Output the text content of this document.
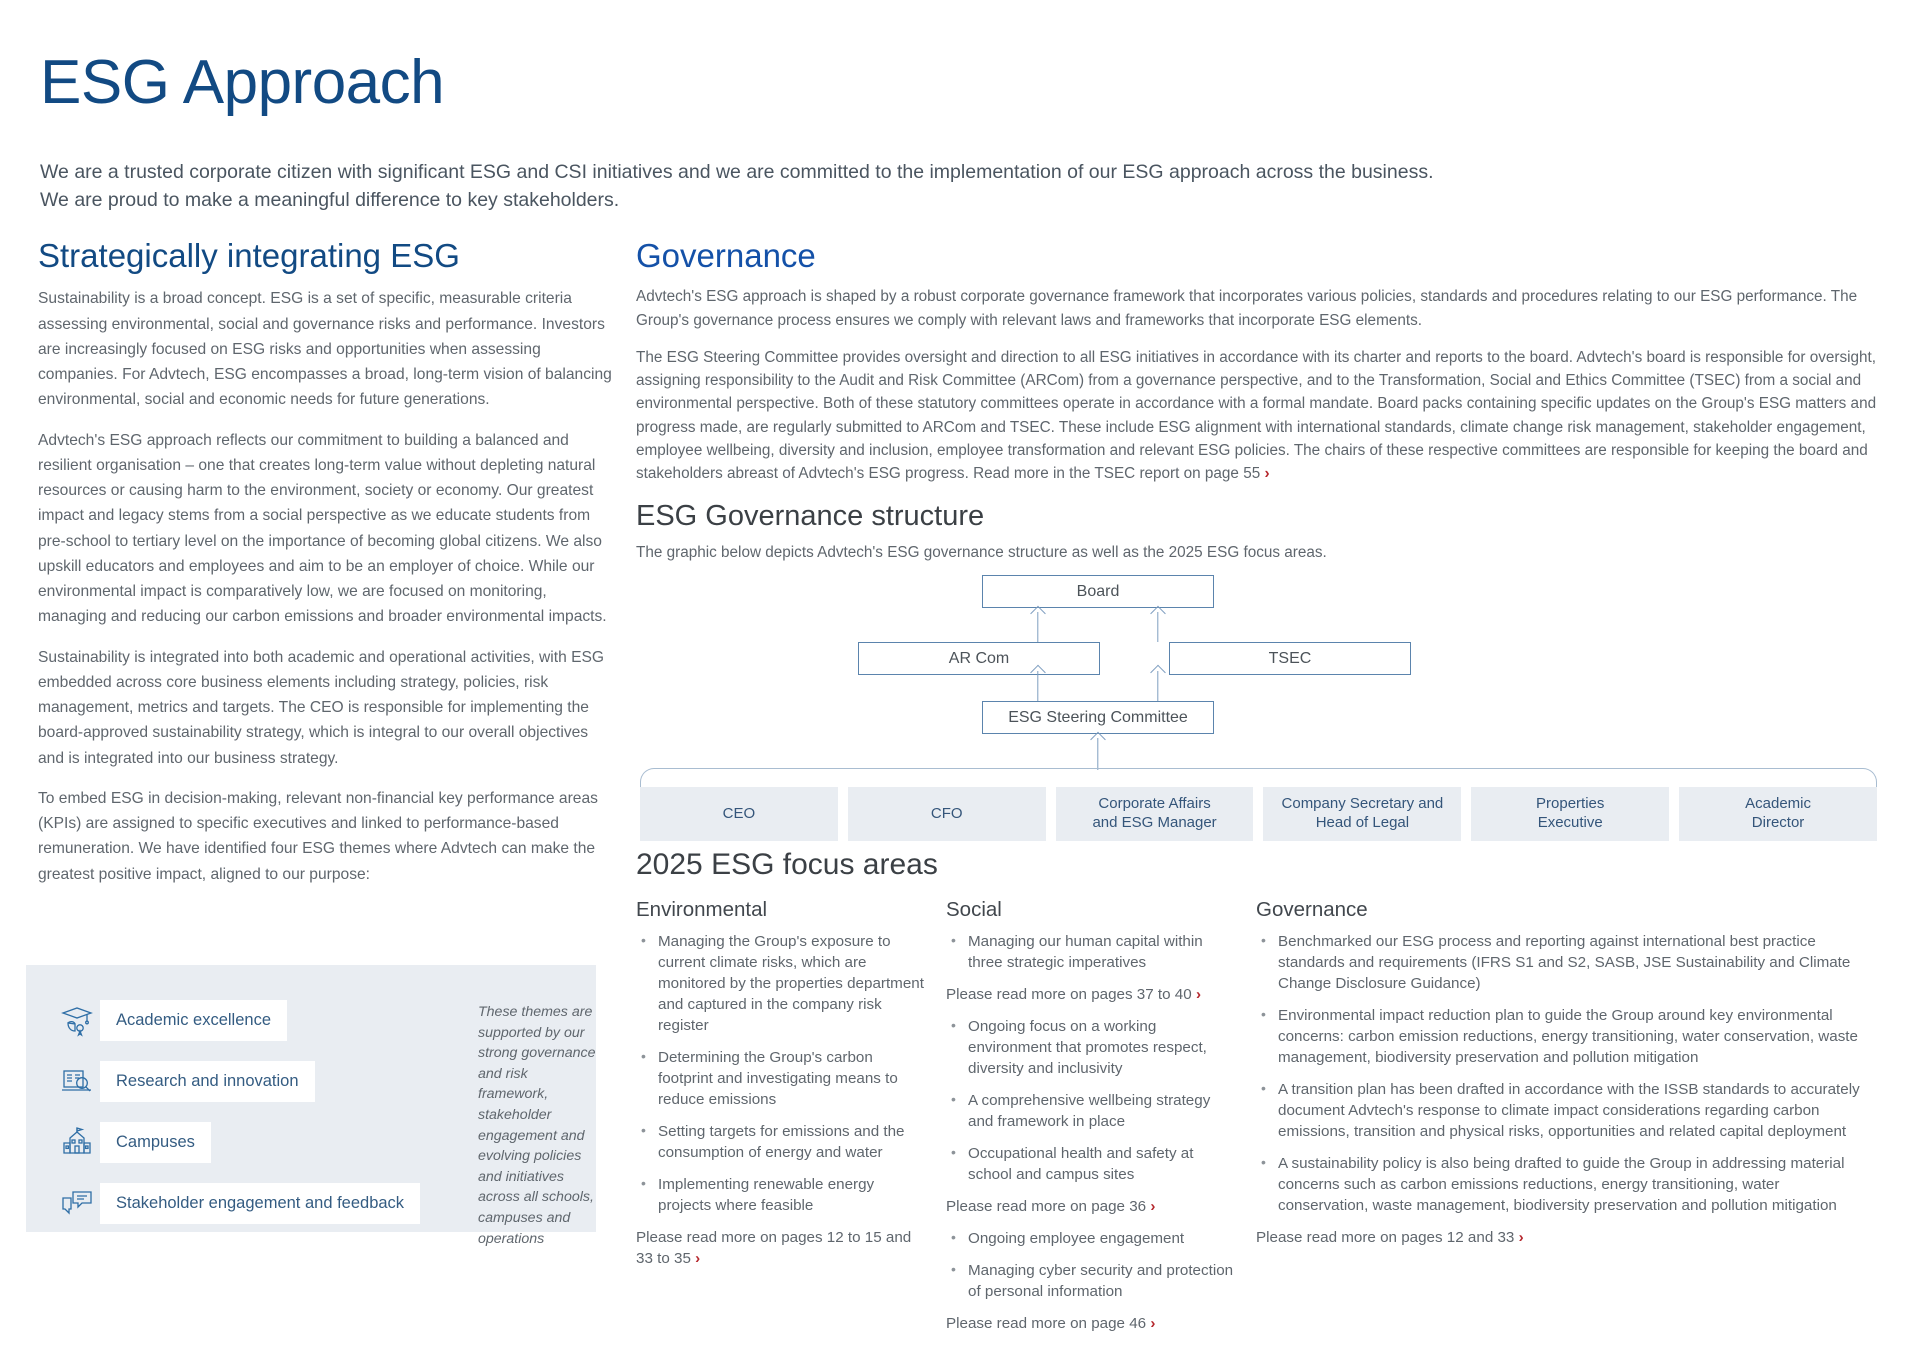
ESG Approach
We are a trusted corporate citizen with significant ESG and CSI initiatives and we are committed to the implementation of our ESG approach across the business.
We are proud to make a meaningful difference to key stakeholders.
Strategically integrating ESG

Sustainability is a broad concept. ESG is a set of specific, measurable criteria assessing environmental, social and governance risks and performance. Investors are increasingly focused on ESG risks and opportunities when assessing companies. For Advtech, ESG encompasses a broad, long-term vision of balancing environmental, social and economic needs for future generations.

Advtech's ESG approach reflects our commitment to building a balanced and resilient organisation – one that creates long-term value without depleting natural resources or causing harm to the environment, society or economy. Our greatest impact and legacy stems from a social perspective as we educate students from pre-school to tertiary level on the importance of becoming global citizens. We also upskill educators and employees and aim to be an employer of choice. While our environmental impact is comparatively low, we are focused on monitoring, managing and reducing our carbon emissions and broader environmental impacts.

Sustainability is integrated into both academic and operational activities, with ESG embedded across core business elements including strategy, policies, risk management, metrics and targets. The CEO is responsible for implementing the board-approved sustainability strategy, which is integral to our overall objectives and is integrated into our business strategy.

To embed ESG in decision-making, relevant non-financial key performance areas (KPIs) are assigned to specific executives and linked to performance-based remuneration. We have identified four ESG themes where Advtech can make the greatest positive impact, aligned to our purpose:

Academic excellence
Research and innovation
Campuses
Stakeholder engagement and feedback
These themes are supported by our strong governance and risk framework, stakeholder engagement and evolving policies and initiatives across all schools, campuses and operations
Governance

Advtech's ESG approach is shaped by a robust corporate governance framework that incorporates various policies, standards and procedures relating to our ESG performance. The Group's governance process ensures we comply with relevant laws and frameworks that incorporate ESG elements.

The ESG Steering Committee provides oversight and direction to all ESG initiatives in accordance with its charter and reports to the board. Advtech's board is responsible for oversight, assigning responsibility to the Audit and Risk Committee (ARCom) from a governance perspective, and to the Transformation, Social and Ethics Committee (TSEC) from a social and environmental perspective. Both of these statutory committees operate in accordance with a formal mandate. Board packs containing specific updates on the Group's ESG matters and progress made, are regularly submitted to ARCom and TSEC. These include ESG alignment with international standards, climate change risk management, stakeholder engagement, employee wellbeing, diversity and inclusion, employee transformation and relevant ESG policies. The chairs of these respective committees are responsible for keeping the board and stakeholders abreast of Advtech's ESG progress. Read more in the TSEC report on page 55 ›

ESG Governance structure

The graphic below depicts Advtech's ESG governance structure as well as the 2025 ESG focus areas.

Board
AR Com	TSEC
ESG Steering Committee
CEO	CFO
Corporate Affairs
and ESG Manager
Company Secretary and
Head of Legal
Properties
Executive
Academic
Director
2025 ESG focus areas
Environmental
• Managing the Group's exposure to current climate risks, which are monitored by the properties department and captured in the company risk register
• Determining the Group's carbon footprint and investigating means to reduce emissions
• Setting targets for emissions and the consumption of energy and water
• Implementing renewable energy projects where feasible
Please read more on pages 12 to 15 and 33 to 35 ›
Social
• Managing our human capital within three strategic imperatives
Please read more on pages 37 to 40 ›
• Ongoing focus on a working environment that promotes respect, diversity and inclusivity
• A comprehensive wellbeing strategy and framework in place
• Occupational health and safety at school and campus sites
Please read more on page 36 ›
• Ongoing employee engagement
• Managing cyber security and protection of personal information
Please read more on page 46 ›
Governance
• Benchmarked our ESG process and reporting against international best practice standards and requirements (IFRS S1 and S2, SASB, JSE Sustainability and Climate Change Disclosure Guidance)
• Environmental impact reduction plan to guide the Group around key environmental concerns: carbon emission reductions, energy transitioning, water conservation, waste management, biodiversity preservation and pollution mitigation
• A transition plan has been drafted in accordance with the ISSB standards to accurately document Advtech's response to climate impact considerations regarding carbon emissions, transition and physical risks, opportunities and related capital deployment
• A sustainability policy is also being drafted to guide the Group in addressing material concerns such as carbon emissions reductions, energy transitioning, water conservation, waste management, biodiversity preservation and pollution mitigation
Please read more on pages 12 and 33 ›
